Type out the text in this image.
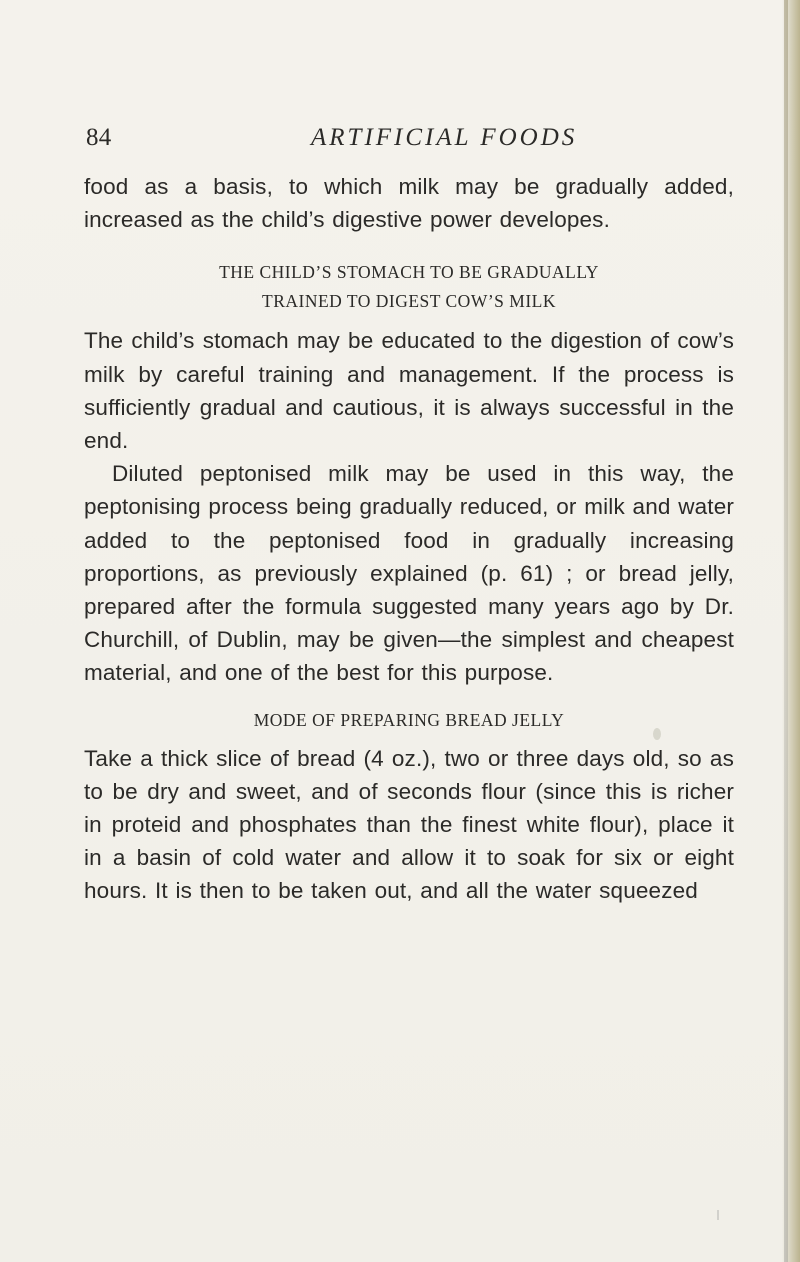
84	ARTIFICIAL FOODS

food as a basis, to which milk may be gradually added, increased as the child’s digestive power developes.

THE CHILD’S STOMACH TO BE GRADUALLY
TRAINED TO DIGEST COW’S MILK

The child’s stomach may be educated to the digestion of cow’s milk by careful training and management. If the process is sufficiently gradual and cautious, it is always successful in the end.

Diluted peptonised milk may be used in this way, the peptonising process being gradually reduced, or milk and water added to the peptonised food in gradually increasing proportions, as previously explained (p. 61) ; or bread jelly, prepared after the formula suggested many years ago by Dr. Churchill, of Dublin, may be given—the simplest and cheapest material, and one of the best for this purpose.

MODE OF PREPARING BREAD JELLY

Take a thick slice of bread (4 oz.), two or three days old, so as to be dry and sweet, and of seconds flour (since this is richer in proteid and phosphates than the finest white flour), place it in a basin of cold water and allow it to soak for six or eight hours. It is then to be taken out, and all the water squeezed
